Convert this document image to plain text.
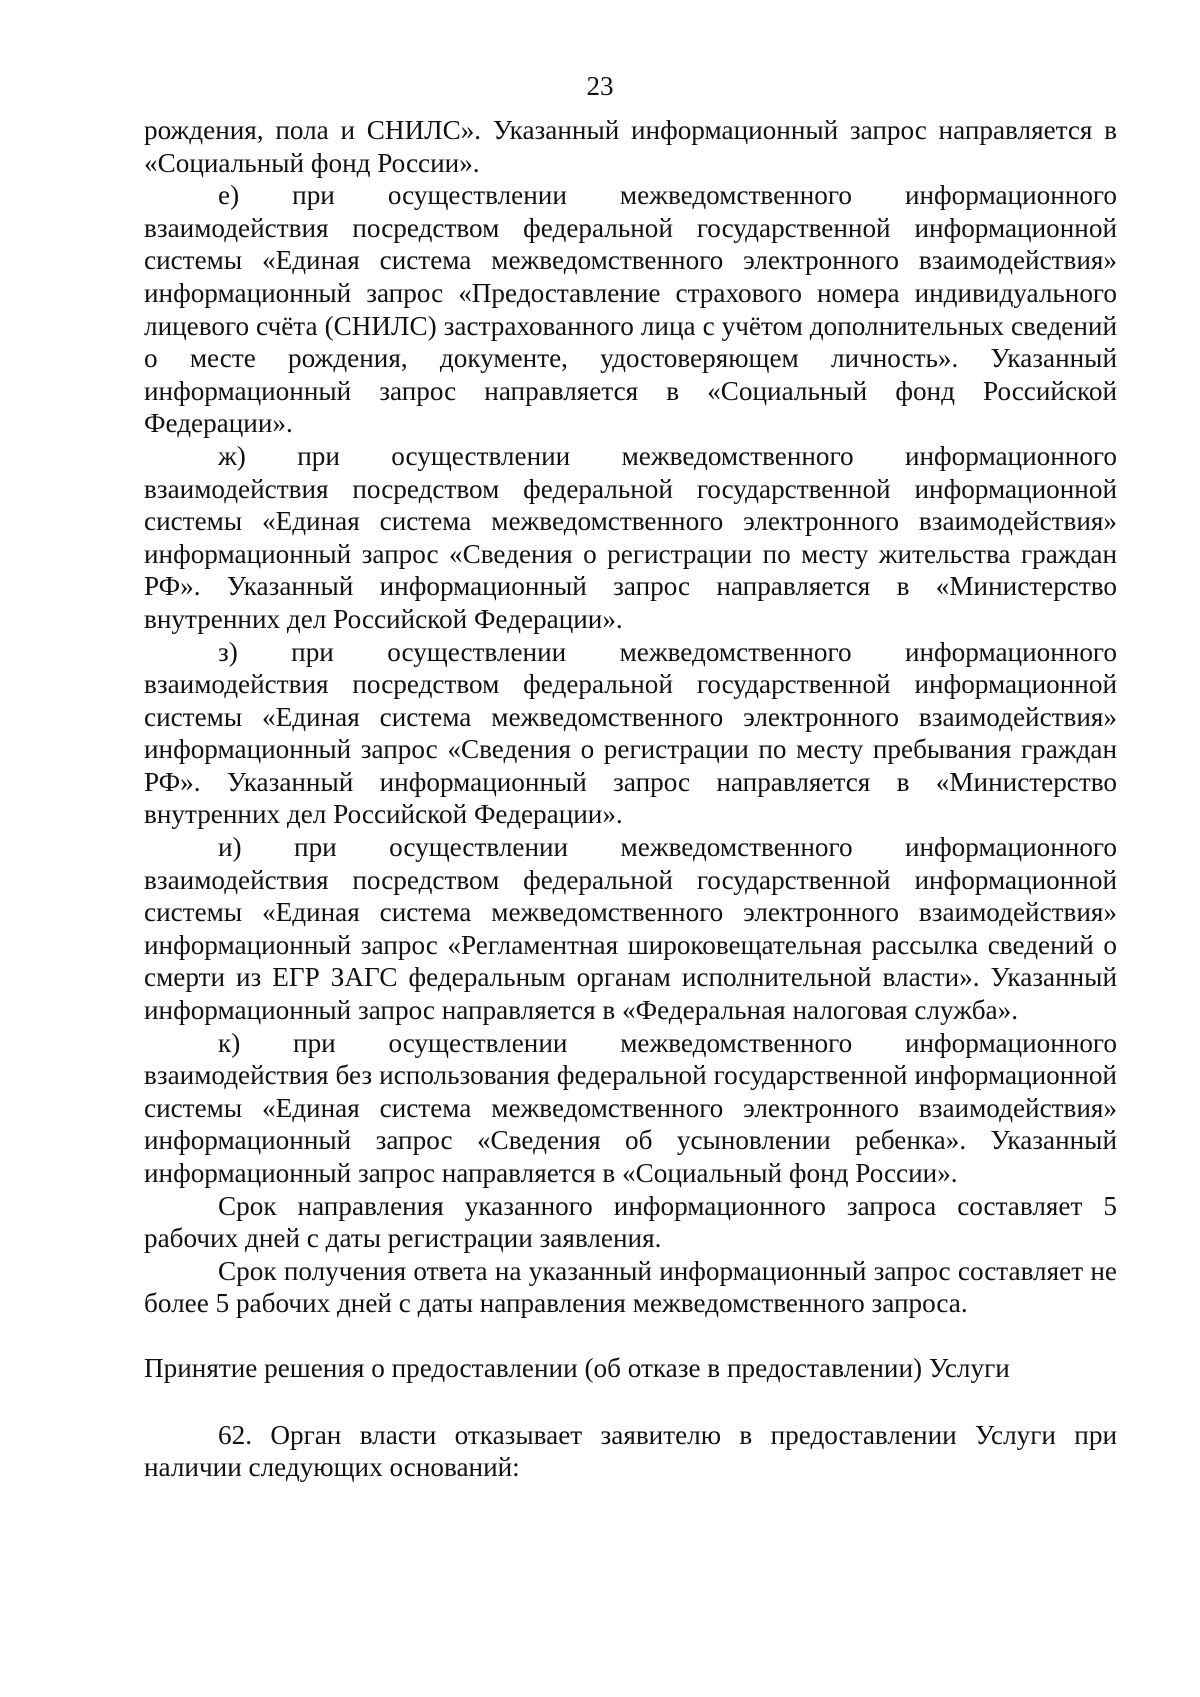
23

рождения, пола и СНИЛС». Указанный информационный запрос направляется в «Социальный фонд России».

е) при осуществлении межведомственного информационного взаимодействия посредством федеральной государственной информационной системы «Единая система межведомственного электронного взаимодействия» информационный запрос «Предоставление страхового номера индивидуального лицевого счёта (СНИЛС) застрахованного лица с учётом дополнительных сведений о месте рождения, документе, удостоверяющем личность». Указанный информационный запрос направляется в «Социальный фонд Российской Федерации».

ж) при осуществлении межведомственного информационного взаимодействия посредством федеральной государственной информационной системы «Единая система межведомственного электронного взаимодействия» информационный запрос «Сведения о регистрации по месту жительства граждан РФ». Указанный информационный запрос направляется в «Министерство внутренних дел Российской Федерации».

з) при осуществлении межведомственного информационного взаимодействия посредством федеральной государственной информационной системы «Единая система межведомственного электронного взаимодействия» информационный запрос «Сведения о регистрации по месту пребывания граждан РФ». Указанный информационный запрос направляется в «Министерство внутренних дел Российской Федерации».

и) при осуществлении межведомственного информационного взаимодействия посредством федеральной государственной информационной системы «Единая система межведомственного электронного взаимодействия» информационный запрос «Регламентная широковещательная рассылка сведений о смерти из ЕГР ЗАГС федеральным органам исполнительной власти». Указанный информационный запрос направляется в «Федеральная налоговая служба».

к) при осуществлении межведомственного информационного взаимодействия без использования федеральной государственной информационной системы «Единая система межведомственного электронного взаимодействия» информационный запрос «Сведения об усыновлении ребенка». Указанный информационный запрос направляется в «Социальный фонд России».

Срок направления указанного информационного запроса составляет 5 рабочих дней с даты регистрации заявления.

Срок получения ответа на указанный информационный запрос составляет не более 5 рабочих дней с даты направления межведомственного запроса.

Принятие решения о предоставлении (об отказе в предоставлении) Услуги

62. Орган власти отказывает заявителю в предоставлении Услуги при наличии следующих оснований:
